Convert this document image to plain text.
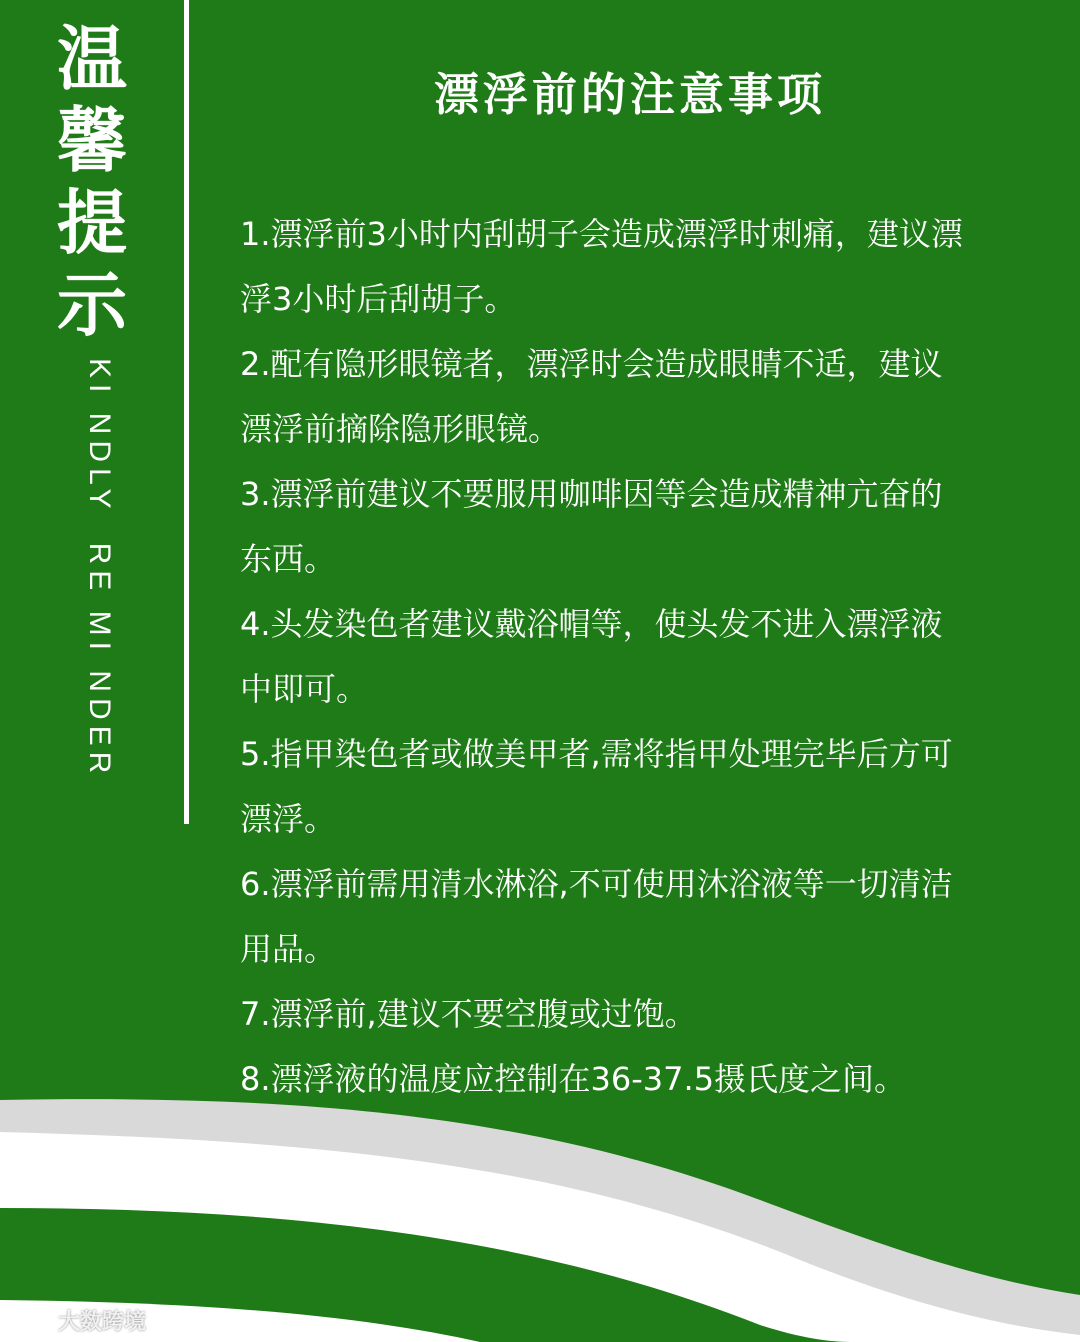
温
馨
提
示
KI NDLY  RE MI NDER
漂浮前的注意事项
1.漂浮前3小时内刮胡子会造成漂浮时刺痛，建议漂浮3小时后刮胡子。
2.配有隐形眼镜者，漂浮时会造成眼睛不适，建议漂浮前摘除隐形眼镜。
3.漂浮前建议不要服用咖啡因等会造成精神亢奋的东西。
4.头发染色者建议戴浴帽等，使头发不进入漂浮液中即可。
5.指甲染色者或做美甲者,需将指甲处理完毕后方可漂浮。
6.漂浮前需用清水淋浴,不可使用沐浴液等一切清洁用品。
7.漂浮前,建议不要空腹或过饱。
8.漂浮液的温度应控制在36-37.5摄氏度之间。
大数跨境
